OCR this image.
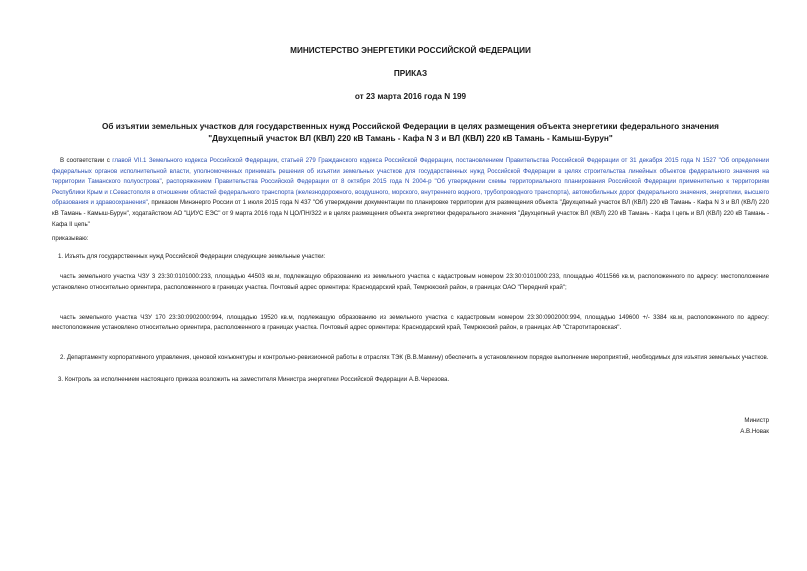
МИНИСТЕРСТВО ЭНЕРГЕТИКИ РОССИЙСКОЙ ФЕДЕРАЦИИ
ПРИКАЗ
от 23 марта 2016 года N 199
Об изъятии земельных участков для государственных нужд Российской Федерации в целях размещения объекта энергетики федерального значения
"Двухцепный участок ВЛ (КВЛ) 220 кВ Тамань - Кафа N 3 и ВЛ (КВЛ) 220 кВ Тамань - Камыш-Бурун"

В соответствии с главой VII.1 Земельного кодекса Российской Федерации, статьей 279 Гражданского кодекса Российской Федерации, постановлением Правительства Российской Федерации от 31 декабря 2015 года N 1527 "Об определении федеральных органов исполнительной власти, уполномоченных принимать решения об изъятии земельных участков для государственных нужд Российской Федерации в целях строительства линейных объектов федерального значения на территории Таманского полуострова", распоряжением Правительства Российской Федерации от 8 октября 2015 года N 2004-р "Об утверждении схемы территориального планирования Российской Федерации применительно к территориям Республики Крым и г.Севастополя в отношении областей федерального транспорта (железнодорожного, воздушного, морского, внутреннего водного, трубопроводного транспорта), автомобильных дорог федерального значения, энергетики, высшего образования и здравоохранения", приказом Минэнерго России от 1 июля 2015 года N 437 "Об утверждении документации по планировке территории для размещения объекта "Двухцепный участок ВЛ (КВЛ) 220 кВ Тамань - Кафа N 3 и ВЛ (КВЛ) 220 кВ Тамань - Камыш-Бурун", ходатайством АО "ЦИУС ЕЭС" от 9 марта 2016 года N ЦО/ПН/322 и в целях размещения объекта энергетики федерального значения "Двухцепный участок ВЛ (КВЛ) 220 кВ Тамань - Кафа I цепь и ВЛ (КВЛ) 220 кВ Тамань - Кафа II цепь"

приказываю:

1. Изъять для государственных нужд Российской Федерации следующие земельные участки:

часть земельного участка ЧЗУ 3 23:30:0101000:233, площадью 44503 кв.м, подлежащую образованию из земельного участка с кадастровым номером 23:30:0101000:233, площадью 4011566 кв.м, расположенного по адресу: местоположение установлено относительно ориентира, расположенного в границах участка. Почтовый адрес ориентира: Краснодарский край, Темрюкский район, в границах ОАО "Передний край";

часть земельного участка ЧЗУ 170 23:30:0902000:994, площадью 19520 кв.м, подлежащую образованию из земельного участка с кадастровым номером 23:30:0902000:994, площадью 149600 +/- 3384 кв.м, расположенного по адресу: местоположение установлено относительно ориентира, расположенного в границах участка. Почтовый адрес ориентира: Краснодарский край, Темрюкский район, в границах АФ "Старотитаровская".

2. Департаменту корпоративного управления, ценовой конъюнктуры и контрольно-ревизионной работы в отраслях ТЭК (В.В.Мамину) обеспечить в установленном порядке выполнение мероприятий, необходимых для изъятия земельных участков.

3. Контроль за исполнением настоящего приказа возложить на заместителя Министра энергетики Российской Федерации А.В.Черезова.

Министр
А.В.Новак
